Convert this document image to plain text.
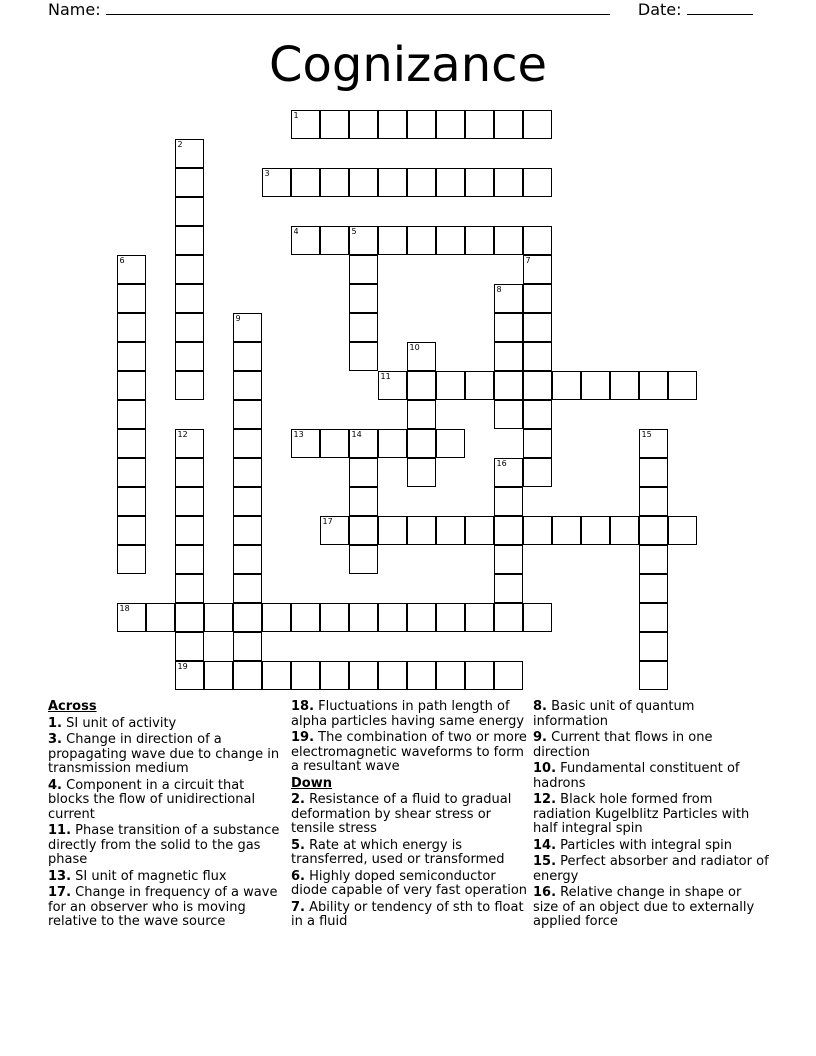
Name:	Date:
Cognizance
1
2
3
4	5
6	7
8
9
10
11
12
19
13	14	15
16
17
18
Across
1. SI unit of activity
3. Change in direction of a propagating wave due to change in transmission medium
4. Component in a circuit that blocks the flow of unidirectional current
11. Phase transition of a substance directly from the solid to the gas phase
13. SI unit of magnetic flux
17. Change in frequency of a wave for an observer who is moving relative to the wave source
18. Fluctuations in path length of alpha particles having same energy
19. The combination of two or more electromagnetic waveforms to form a resultant wave
Down
2. Resistance of a fluid to gradual deformation by shear stress or tensile stress
5. Rate at which energy is transferred, used or transformed
6. Highly doped semiconductor diode capable of very fast operation
7. Ability or tendency of sth to float in a fluid
8. Basic unit of quantum information
9. Current that flows in one direction
10. Fundamental constituent of hadrons
12. Black hole formed from radiation Kugelblitz Particles with half integral spin
14. Particles with integral spin
15. Perfect absorber and radiator of energy
16. Relative change in shape or size of an object due to externally applied force
